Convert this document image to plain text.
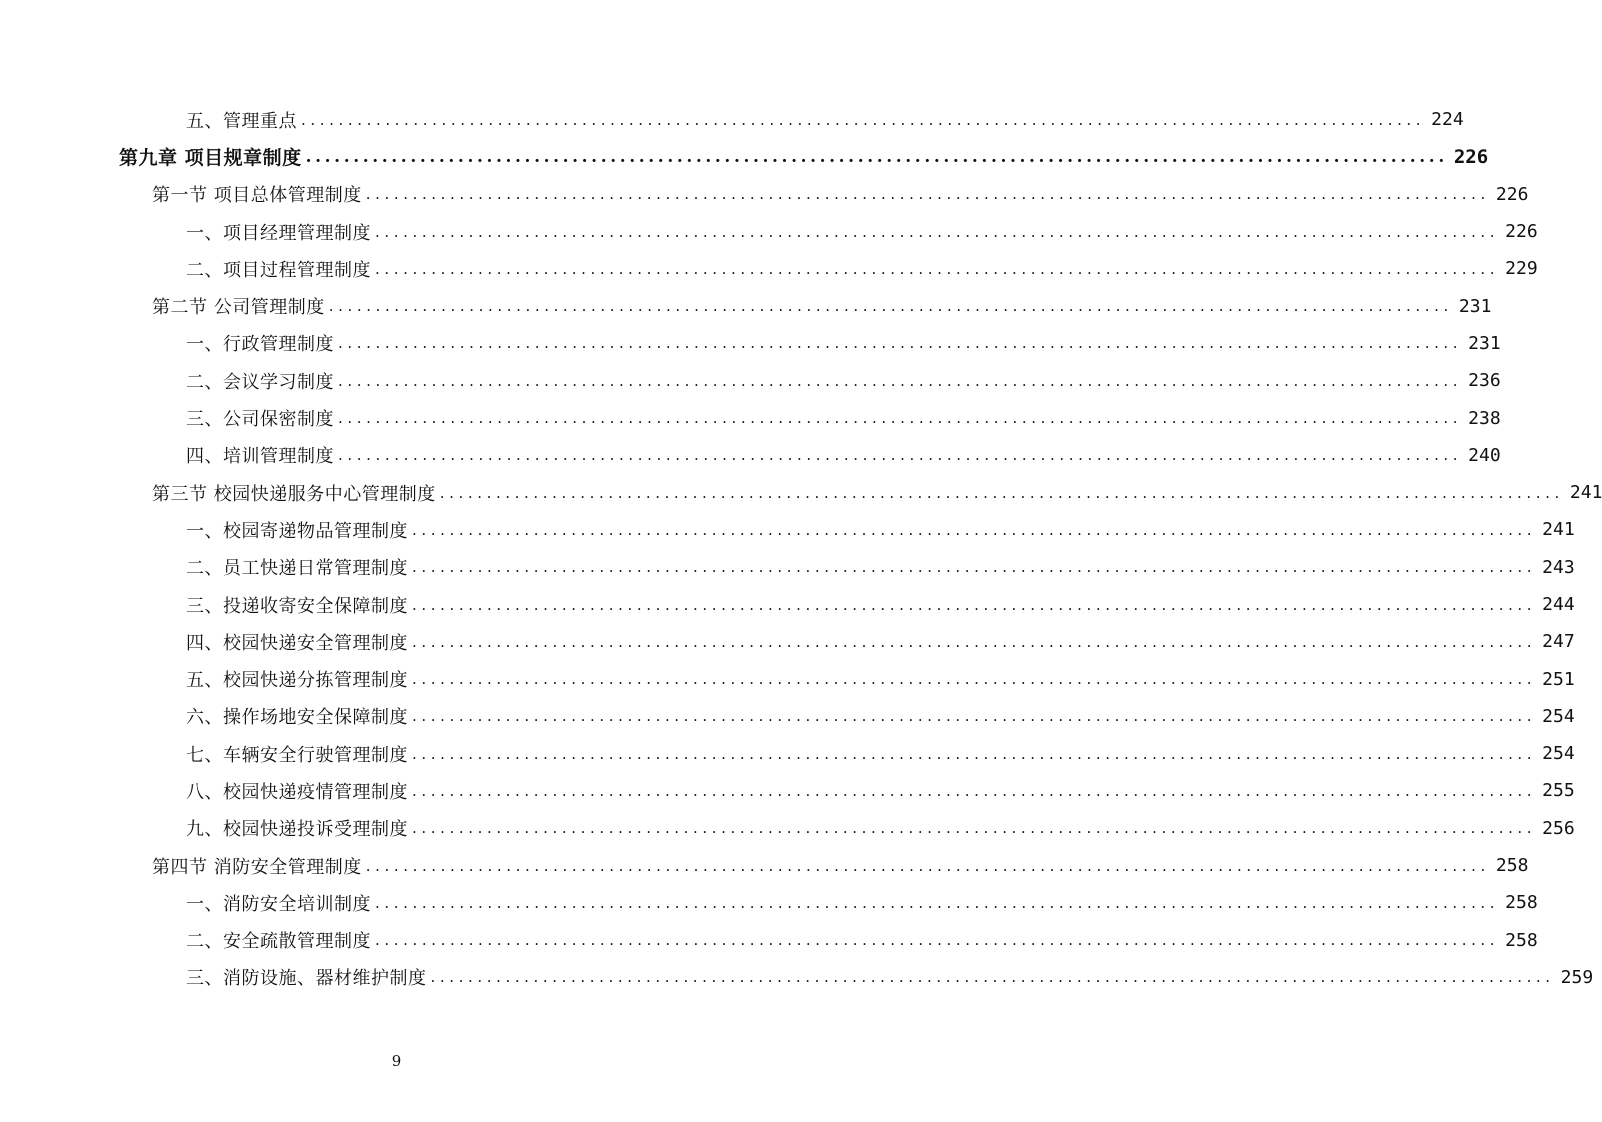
五、管理重点 ........................................................................................................................ 224
第九章 项目规章制度 ........................................................................................................................ 226
第一节 项目总体管理制度 ........................................................................................................................ 226
一、项目经理管理制度 ........................................................................................................................ 226
二、项目过程管理制度 ........................................................................................................................ 229
第二节 公司管理制度 ........................................................................................................................ 231
一、行政管理制度 ........................................................................................................................ 231
二、会议学习制度 ........................................................................................................................ 236
三、公司保密制度 ........................................................................................................................ 238
四、培训管理制度 ........................................................................................................................ 240
第三节 校园快递服务中心管理制度 ........................................................................................................................ 241
一、校园寄递物品管理制度 ........................................................................................................................ 241
二、员工快递日常管理制度 ........................................................................................................................ 243
三、投递收寄安全保障制度 ........................................................................................................................ 244
四、校园快递安全管理制度 ........................................................................................................................ 247
五、校园快递分拣管理制度 ........................................................................................................................ 251
六、操作场地安全保障制度 ........................................................................................................................ 254
七、车辆安全行驶管理制度 ........................................................................................................................ 254
八、校园快递疫情管理制度 ........................................................................................................................ 255
九、校园快递投诉受理制度 ........................................................................................................................ 256
第四节 消防安全管理制度 ........................................................................................................................ 258
一、消防安全培训制度 ........................................................................................................................ 258
二、安全疏散管理制度 ........................................................................................................................ 258
三、消防设施、器材维护制度 ........................................................................................................................ 259
9
